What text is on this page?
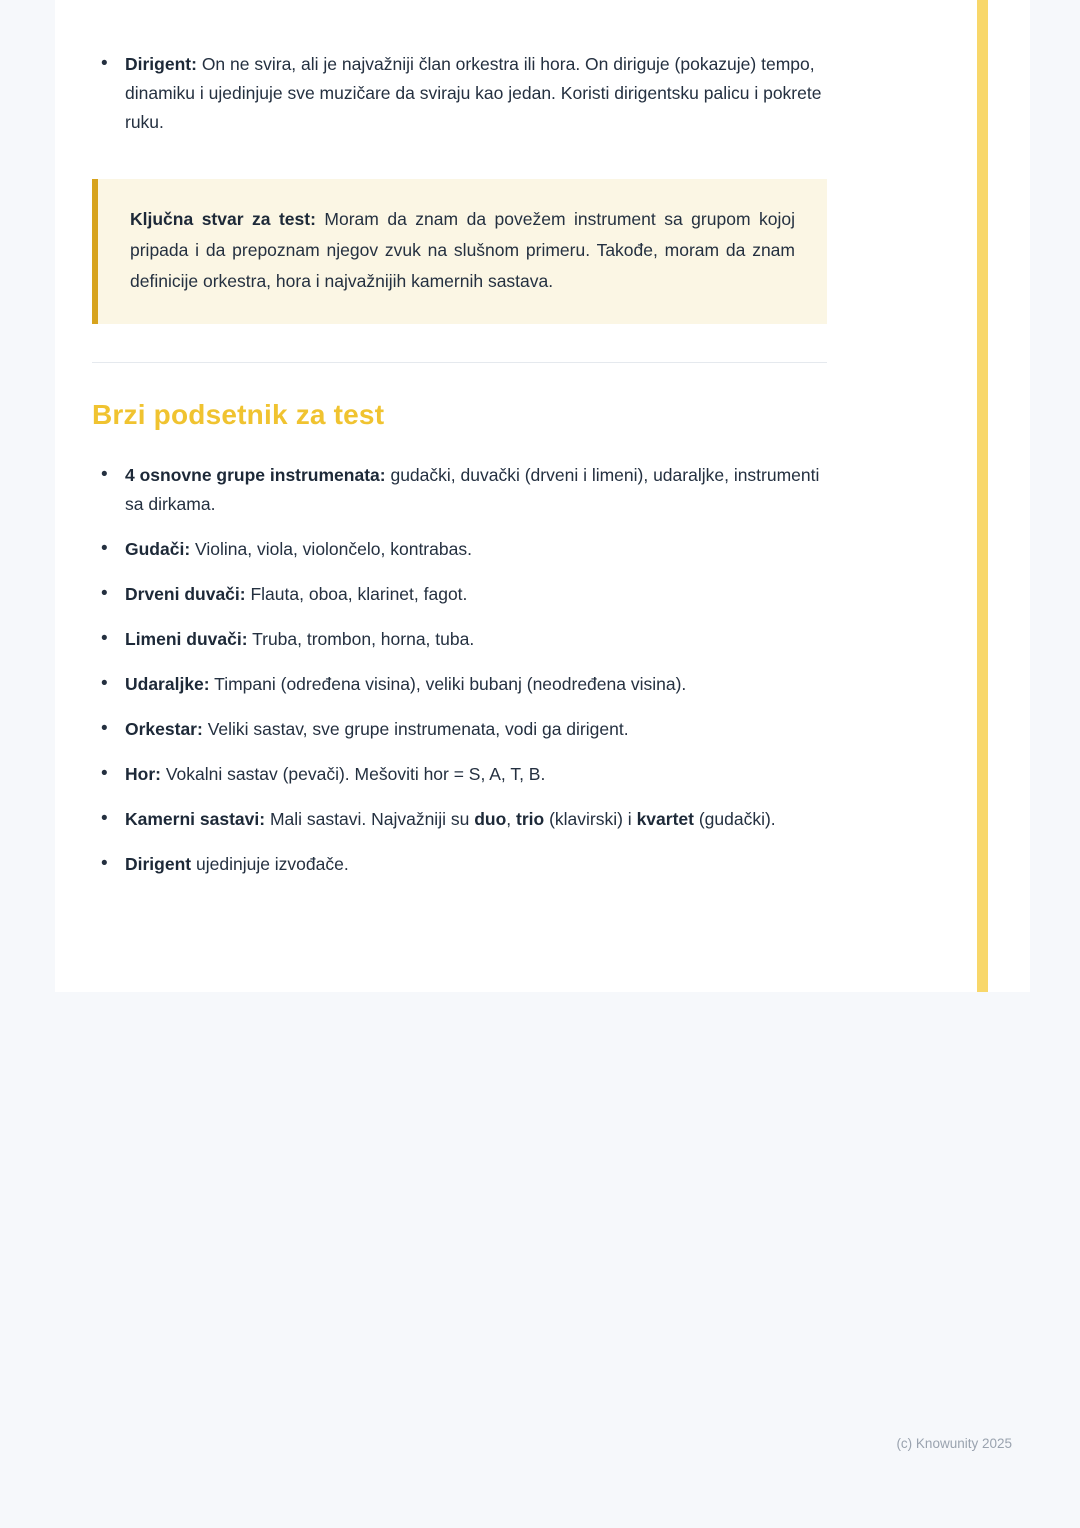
• Dirigent: On ne svira, ali je najvažniji član orkestra ili hora. On diriguje (pokazuje) tempo, dinamiku i ujedinjuje sve muzičare da sviraju kao jedan. Koristi dirigentsku palicu i pokrete ruku.

Ključna stvar za test: Moram da znam da povežem instrument sa grupom kojoj pripada i da prepoznam njegov zvuk na slušnom primeru. Takođe, moram da znam definicije orkestra, hora i najvažnijih kamernih sastava.

Brzi podsetnik za test
• 4 osnovne grupe instrumenata: gudački, duvački (drveni i limeni), udaraljke, instrumenti sa dirkama.
• Gudači: Violina, viola, violončelo, kontrabas.
• Drveni duvači: Flauta, oboa, klarinet, fagot.
• Limeni duvači: Truba, trombon, horna, tuba.
• Udaraljke: Timpani (određena visina), veliki bubanj (neodređena visina).
• Orkestar: Veliki sastav, sve grupe instrumenata, vodi ga dirigent.
• Hor: Vokalni sastav (pevači). Mešoviti hor = S, A, T, B.
• Kamerni sastavi: Mali sastavi. Najvažniji su duo, trio (klavirski) i kvartet (gudački).
• Dirigent ujedinjuje izvođače.
(c) Knowunity 2025
